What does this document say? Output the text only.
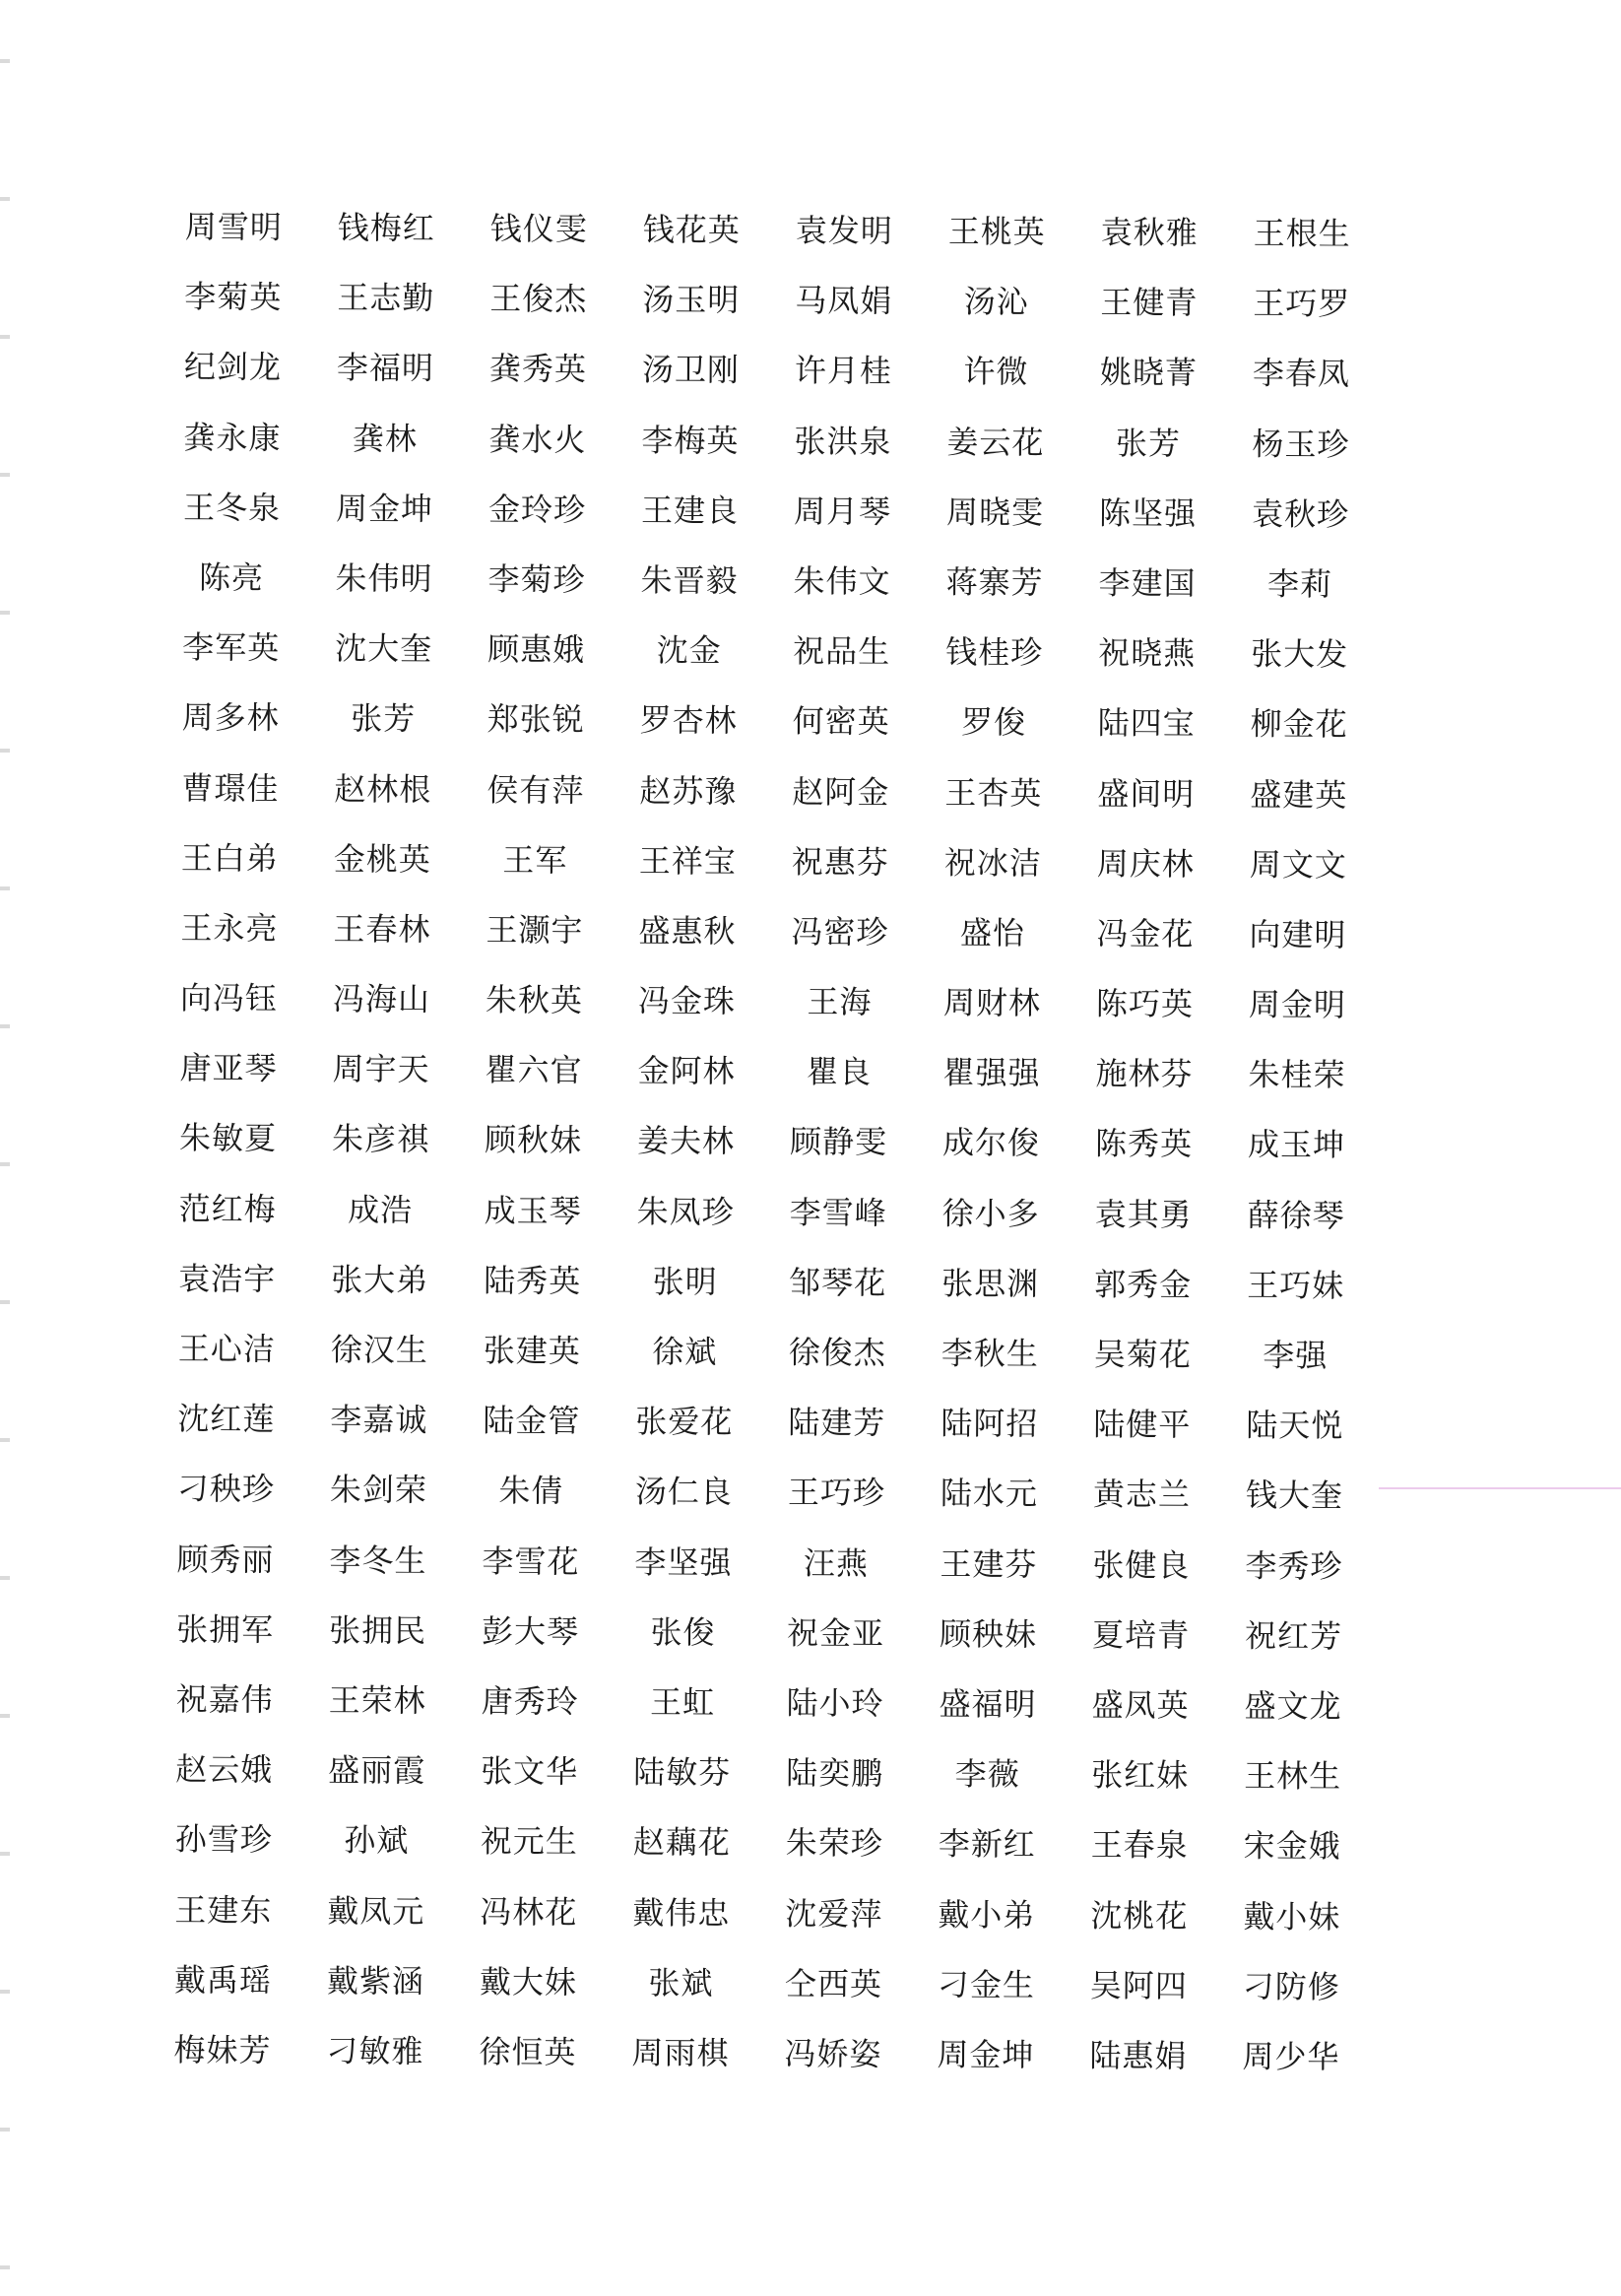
周雪明	钱梅红	钱仪雯	钱花英	袁发明	王桃英	袁秋雅	王根生
李菊英	王志勤	王俊杰	汤玉明	马凤娟	汤沁	王健青	王巧罗
纪剑龙	李福明	龚秀英	汤卫刚	许月桂	许微	姚晓菁	李春凤
龚永康	龚林	龚水火	李梅英	张洪泉	姜云花	张芳	杨玉珍
王冬泉	周金坤	金玲珍	王建良	周月琴	周晓雯	陈坚强	袁秋珍
陈亮	朱伟明	李菊珍	朱晋毅	朱伟文	蒋寨芳	李建国	李莉
李军英	沈大奎	顾惠娥	沈金	祝品生	钱桂珍	祝晓燕	张大发
周多林	张芳	郑张锐	罗杏林	何密英	罗俊	陆四宝	柳金花
曹璟佳	赵林根	侯有萍	赵苏豫	赵阿金	王杏英	盛间明	盛建英
王白弟	金桃英	王军	王祥宝	祝惠芬	祝冰洁	周庆林	周文文
王永亮	王春林	王灏宇	盛惠秋	冯密珍	盛怡	冯金花	向建明
向冯钰	冯海山	朱秋英	冯金珠	王海	周财林	陈巧英	周金明
唐亚琴	周宇天	瞿六官	金阿林	瞿良	瞿强强	施林芬	朱桂荣
朱敏夏	朱彦祺	顾秋妹	姜夫林	顾静雯	成尔俊	陈秀英	成玉坤
范红梅	成浩	成玉琴	朱凤珍	李雪峰	徐小多	袁其勇	薛徐琴
袁浩宇	张大弟	陆秀英	张明	邹琴花	张思渊	郭秀金	王巧妹
王心洁	徐汉生	张建英	徐斌	徐俊杰	李秋生	吴菊花	李强
沈红莲	李嘉诚	陆金管	张爱花	陆建芳	陆阿招	陆健平	陆天悦
刁秧珍	朱剑荣	朱倩	汤仁良	王巧珍	陆水元	黄志兰	钱大奎
顾秀丽	李冬生	李雪花	李坚强	汪燕	王建芬	张健良	李秀珍
张拥军	张拥民	彭大琴	张俊	祝金亚	顾秧妹	夏培青	祝红芳
祝嘉伟	王荣林	唐秀玲	王虹	陆小玲	盛福明	盛凤英	盛文龙
赵云娥	盛丽霞	张文华	陆敏芬	陆奕鹏	李薇	张红妹	王林生
孙雪珍	孙斌	祝元生	赵藕花	朱荣珍	李新红	王春泉	宋金娥
王建东	戴凤元	冯林花	戴伟忠	沈爱萍	戴小弟	沈桃花	戴小妹
戴禹瑶	戴紫涵	戴大妹	张斌	仝西英	刁金生	吴阿四	刁防修
梅妹芳	刁敏雅	徐恒英	周雨棋	冯娇姿	周金坤	陆惠娟	周少华
